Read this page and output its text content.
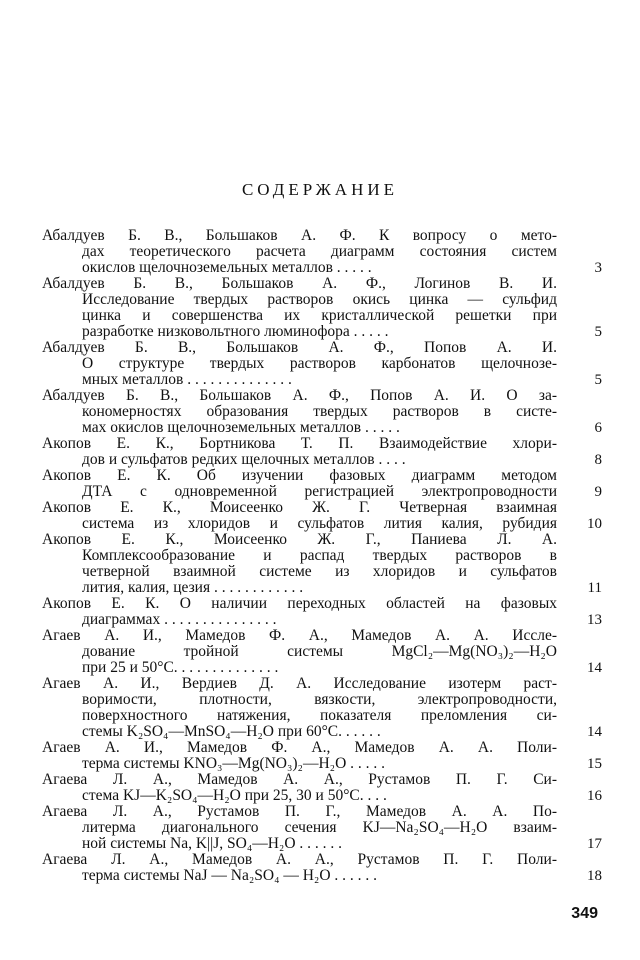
СОДЕРЖАНИЕ
Абалдуев Б. В., Большаков А. Ф. К вопросу о мето-
дах теоретического расчета диаграмм состояния систем
окислов щелочноземельных металлов . . . . .	3
Абалдуев Б. В., Большаков А. Ф., Логинов В. И.
Исследование твердых растворов окись цинка — сульфид
цинка и совершенства их кристаллической решетки при
разработке низковольтного люминофора . . . . .	5
Абалдуев Б. В., Большаков А. Ф., Попов А. И.
О структуре твердых растворов карбонатов щелочнозе-
мных металлов . . . . . . . . . . . . . .	5
Абалдуев Б. В., Большаков А. Ф., Попов А. И. О за-
кономерностях образования твердых растворов в систе-
мах окислов щелочноземельных металлов . . . . .	6
Акопов Е. К., Бортникова Т. П. Взаимодействие хлори-
дов и сульфатов редких щелочных металлов . . . .	8
Акопов Е. К. Об изучении фазовых диаграмм методом
ДТА с одновременной регистрацией электропроводности	9
Акопов Е. К., Моисеенко Ж. Г. Четверная взаимная
система из хлоридов и сульфатов лития калия, рубидия	10
Акопов Е. К., Моисеенко Ж. Г., Паниева Л. А.
Комплексообразование и распад твердых растворов в
четверной взаимной системе из хлоридов и сульфатов
лития, калия, цезия . . . . . . . . . . . .	11
Акопов Е. К. О наличии переходных областей на фазовых
диаграммах . . . . . . . . . . . . . . .	13
Агаев А. И., Мамедов Ф. А., Мамедов А. А. Иссле-
дование тройной системы MgCl₂—Mg(NO₃)₂—H₂O
при 25 и 50°С. . . . . . . . . . . . . .	14
Агаев А. И., Вердиев Д. А. Исследование изотерм раст-
воримости, плотности, вязкости, электропроводности,
поверхностного натяжения, показателя преломления си-
стемы K₂SO₄—MnSO₄—H₂O при 60°С. . . . . .	14
Агаев А. И., Мамедов Ф. А., Мамедов А. А. Поли-
терма системы KNO₃—Mg(NO₃)₂—H₂O . . . . .	15
Агаева Л. А., Мамедов А. А., Рустамов П. Г. Си-
стема KJ—K₂SO₄—H₂O при 25, 30 и 50°С. . . .	16
Агаева Л. А., Рустамов П. Г., Мамедов А. А. По-
литерма диагонального сечения KJ—Na₂SO₄—H₂O взаим-
ной системы Na, K||J, SO₄—H₂O . . . . . .	17
Агаева Л. А., Мамедов А. А., Рустамов П. Г. Поли-
терма системы NaJ — Na₂SO₄ — H₂O . . . . . .	18
349
